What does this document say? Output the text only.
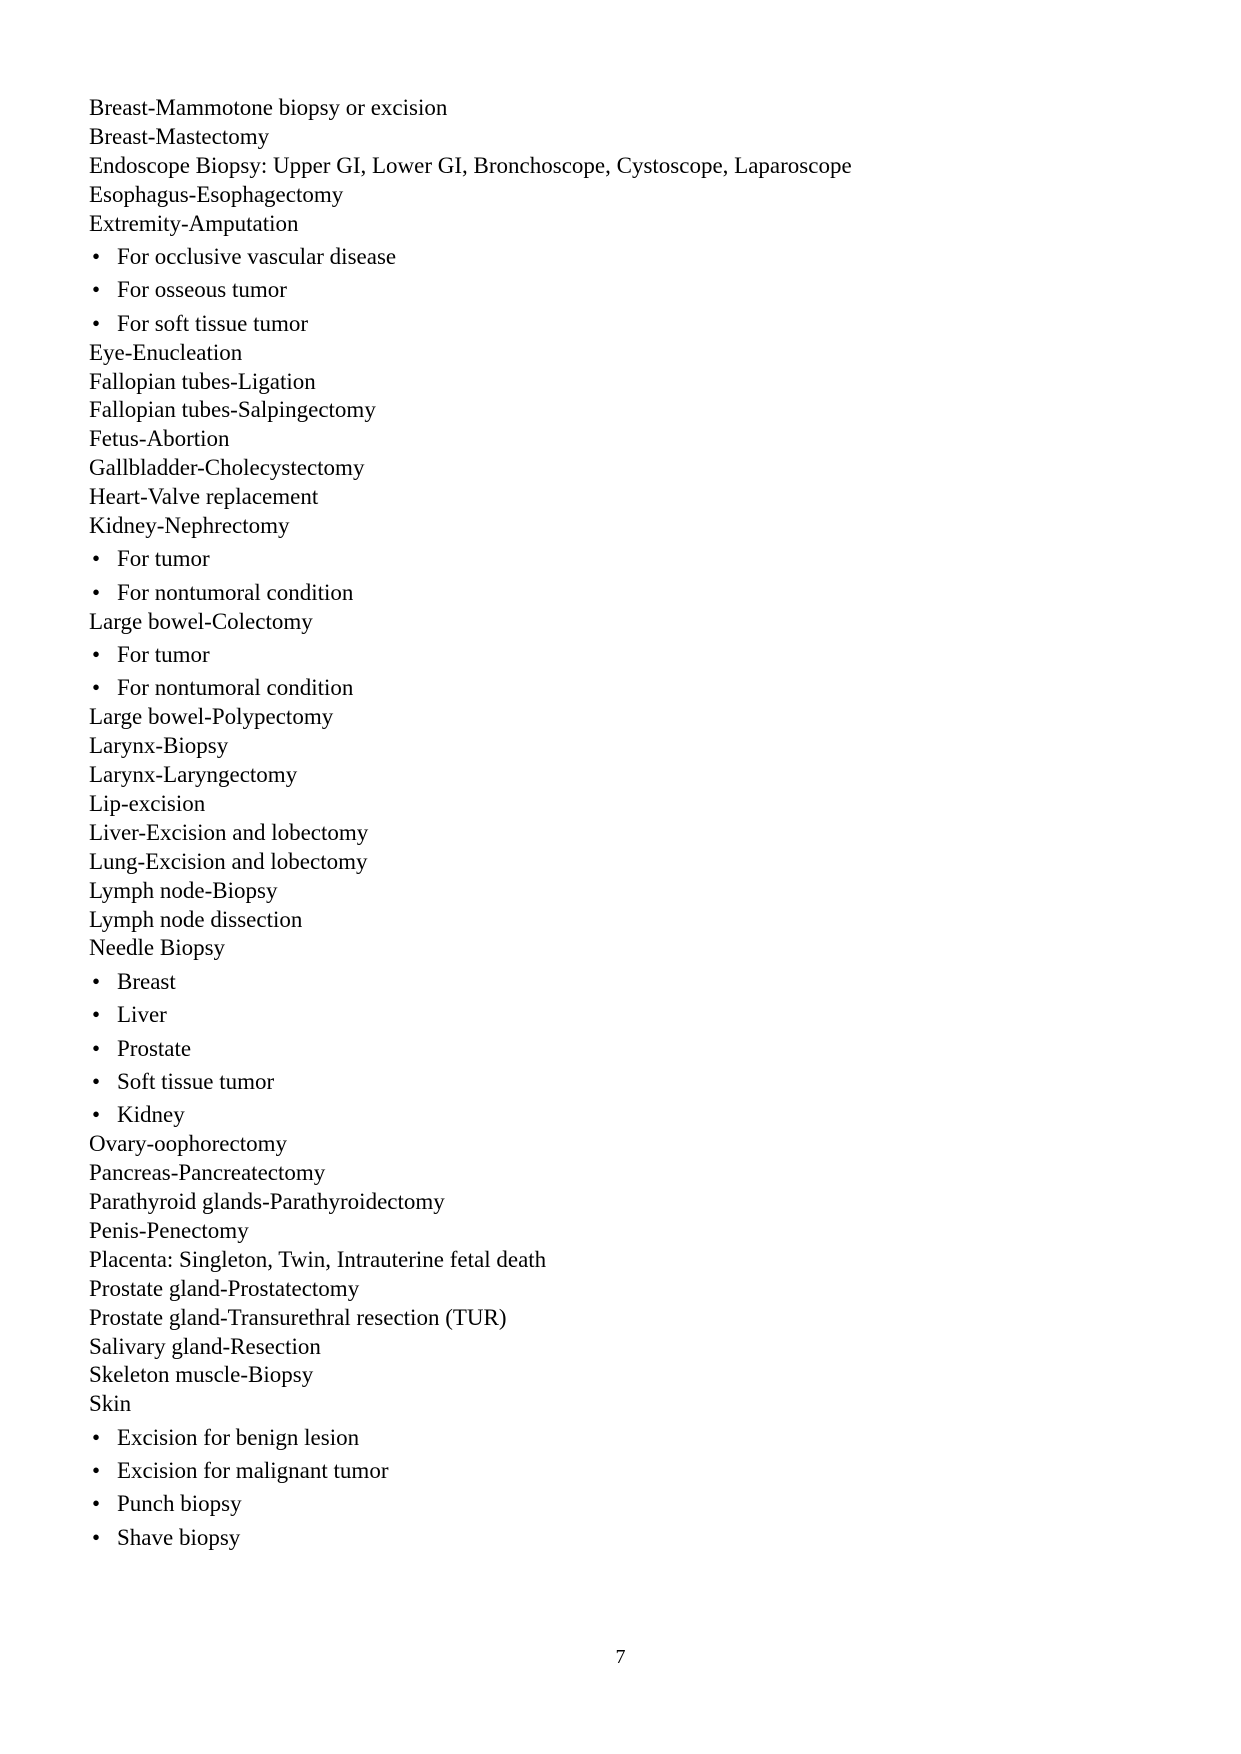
Breast-Mammotone biopsy or excision
Breast-Mastectomy
Endoscope Biopsy: Upper GI, Lower GI, Bronchoscope, Cystoscope, Laparoscope
Esophagus-Esophagectomy
Extremity-Amputation
• For occlusive vascular disease
• For osseous tumor
• For soft tissue tumor
Eye-Enucleation
Fallopian tubes-Ligation
Fallopian tubes-Salpingectomy
Fetus-Abortion
Gallbladder-Cholecystectomy
Heart-Valve replacement
Kidney-Nephrectomy
• For tumor
• For nontumoral condition
Large bowel-Colectomy
• For tumor
• For nontumoral condition
Large bowel-Polypectomy
Larynx-Biopsy
Larynx-Laryngectomy
Lip-excision
Liver-Excision and lobectomy
Lung-Excision and lobectomy
Lymph node-Biopsy
Lymph node dissection
Needle Biopsy
• Breast
• Liver
• Prostate
• Soft tissue tumor
• Kidney
Ovary-oophorectomy
Pancreas-Pancreatectomy
Parathyroid glands-Parathyroidectomy
Penis-Penectomy
Placenta: Singleton, Twin, Intrauterine fetal death
Prostate gland-Prostatectomy
Prostate gland-Transurethral resection (TUR)
Salivary gland-Resection
Skeleton muscle-Biopsy
Skin
• Excision for benign lesion
• Excision for malignant tumor
• Punch biopsy
• Shave biopsy
7
